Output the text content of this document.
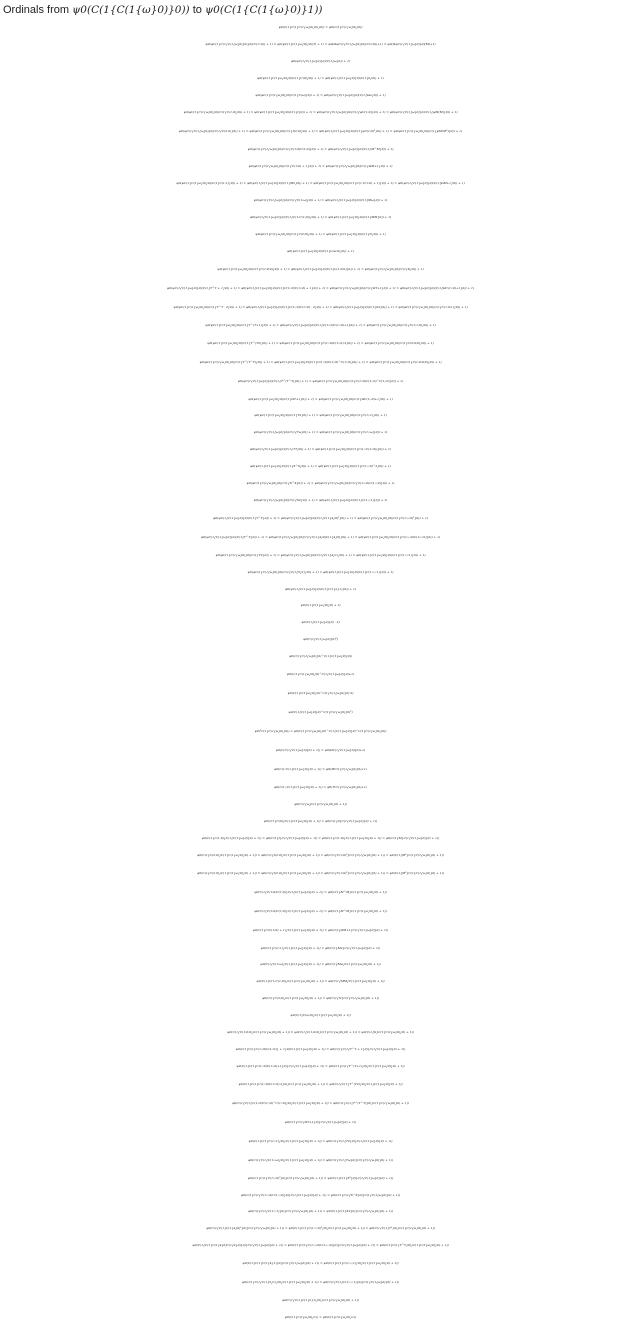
Ordinals from ψ0(C(1{C(1{ω}0)}0)) to ψ0(C(1{C(1{ω}0)}1))
ψ0(C(1{C(1{C(1{ω}0)}0)}0)) = ψ0(C(1{C(1{ω}0)}0))
ψ0(ψC(1{C(1{C(1{ω}0)}0)}0)(C(1;;0)) + 1) = ψ0(ψC(1{C(1{ω}0)}0)(T) + 1) = ψ0(ΩψC(1{C(1{ω}0)}0)(C(1;0))+1) = ψ0(ΩψC(1{C(1{ω}0)}0)(M)+1)
ψ0(ψC(1{C(1{ω}0)}0)(C(1{ω}0)) + 1)
ψ0(ψC(1{C(1{ω}0)}0)(C(1{C(0)}0)) + 1) = ψ0(ψC(1{C(1{ω}0)}0)(C(1{0}0)) + 1)
ψ0(ψC(1{C(1{ω}0)}0)(C(1{C(ω)}0)) + 1) = ψ0(ψC(1{C(1{ω}0)}0)(C(1{Ωω}0)) + 1)
ψ0(ψC(1{C(1{ω}0)}0)(C(1{C(1,0)}0)) + 1) = ψ0(ψC(1{C(1{ω}0)}0)(C(1{I}0)) + 1) = ψ0(ψC(1{C(1{ω}0)}0)(C(1{ψC(1;0)}0)) + 1) = ψ0(ψC(1{C(1{ω}0)}0)(C(1{ψM(M)}0)) + 1)
ψ0(ψC(1{C(1{ω}0)}0)(C(1{C(2,0)}0)) + 1) = ψ0(ψC(1{C(1{ω}0)}0)(C(1{I(2,0)}0)) + 1) = ψ0(ψC(1{C(1{ω}0)}0)(C(1{ψC(1;0)²}0)) + 1) = ψ0(ψC(1{C(1{ω}0)}0)(C(1{ψM(M²)}0)) + 1)
ψ0(ψC(1{C(1{ω}0)}0)(C(1{C(1;0)C(1;0)}0)) + 1) = ψ0(ψC(1{C(1{ω}0)}0)(C(1{M^M}0)) + 1)
ψ0(ψC(1{C(1{ω}0)}0)(C(1{C(1;0) + 1}0)) + 1) = ψ0(ψC(1{C(1{ω}0)}0)(C(1{ΩM+1}0)) + 1)
ψ0(ψC(1{C(1{ω}0)}0)(C(1{C(1;1)}0)) + 1) = ψ0(ψC(1{C(1{ω}0)}0)(C(1{M2}0)) + 1) = ψ0(ψC(1{C(1{ω}0)}0)(C(1{C(1,C(1;0) + 1)}0)) + 1) = ψ0(ψC(1{C(1{ω}0)}0)(C(1{ΩM+1}0)) + 1)
ψ0(ψC(1{C(1{ω}0)}0)(C(1{C(1;ω)}0)) + 1) = ψ0(ψC(1{C(1{ω}0)}0)(C(1{Mω}0)) + 1)
ψ0(ψC(1{C(1{ω}0)}0)(C(1{C(1;C(1;0))}0)) + 1) = ψ0(ψC(1{C(1{ω}0)}0)(C(1{MM}0)) + 1)
ψ0(ψC(1{C(1{ω}0)}0)(C(1{C(2;0)}0)) + 1) = ψ0(ψC(1{C(1{ω}0)}0)(C(1{N}0)) + 1)
ψ0(ψC(1{C(1{ω}0)}0)(C(1{C(ω;0)}0)) + 1)
ψ0(ψC(1{C(1{ω}0)}0)(C(1{C(1;0;0)}0)) + 1) = ψ0(ψC(1{C(1{ω}0)}0)(C(1{C(1,0;0)}0)) + 1) = ψ0(ψC(1{C(1{ω}0)}0)(C(1{K}0)) + 1)
ψ0(ψC(1{C(1{ω}0)}0)(C(1{T^T + 1}0)) + 1) = ψ0(ψC(1{C(1{ω}0)}0)(C(1{C(1;;0)C(1;;0) + 1}0)) + 1) = ψ0(ψC(1{C(1{ω}0)}0)(C(1{ΩT+1}0)) + 1) = ψ0(ψC(1{C(1{ω}0)}0)(C(1{ΩC(1;;0)+1}0)) + 1)
ψ0(ψC(1{C(1{ω}0)}0)(C(1{T^T · 2}0)) + 1) = ψ0(ψC(1{C(1{ω}0)}0)(C(1{C(1;;0)C(1;;0) · 2}0)) + 1) = ψ0(ψC(1{C(1{ω}0)}0)(C(1{K2}0)) + 1) = ψ0(ψC(1{C(1{ω}0)}0)(C(1{C(1,0;1)}0)) + 1)
ψ0(ψC(1{C(1{ω}0)}0)(C(1{T^(T+1)}0)) + 1) = ψ0(ψC(1{C(1{ω}0)}0)(C(1{C(1;;0)C(1;;0)+1}0)) + 1) = ψ0(ψC(1{C(1{ω}0)}0)(C(1{C(1;1;0)}0)) + 1)
ψ0(ψC(1{C(1{ω}0)}0)(C(1{T^(T2)}0)) + 1) = ψ0(ψC(1{C(1{ω}0)}0)(C(1{C(1;;0)C(1;;0)·2}0)) + 1) = ψ0(ψC(1{C(1{ω}0)}0)(C(1{C(2;0;0)}0)) + 1)
ψ0(ψC(1{C(1{ω}0)}0)(C(1{T^(T^T)}0)) + 1) = ψ0(ψC(1{C(1{ω}0)}0)(C(1{C(1;;0)C(1;;0)^C(1;;0)}0)) + 1) = ψ0(ψC(1{C(1{ω}0)}0)(C(1{C(1;0;0;0)}0)) + 1)
ψ0(ψC(1{C(1{ω}0)}0)(C(1{T^(T^T)}0)) + 1) = ψ0(ψC(1{C(1{ω}0)}0)(C(1{C(1;;0)C(1;;0)^C(1;;0)}0)) + 1)
ψ0(ψC(1{C(1{ω}0)}0)(C(1{ΩT+1}0)) + 1) = ψ0(ψC(1{C(1{ω}0)}0)(C(1{ΩC(1;;0)+1}0)) + 1)
ψ0(ψC(1{C(1{ω}0)}0)(C(1{T2}0)) + 1) = ψ0(ψC(1{C(1{ω}0)}0)(C(1{C(1;;1)}0)) + 1)
ψ0(ψC(1{C(1{ω}0)}0)(C(1{Tω}0)) + 1) = ψ0(ψC(1{C(1{ω}0)}0)(C(1{C(1;;ω)}0)) + 1)
ψ0(ψC(1{C(1{ω}0)}0)(C(1{TT}0)) + 1) = ψ0(ψC(1{C(1{ω}0)}0)(C(1{C(1;;C(1;;0))}0)) + 1)
ψ0(ψC(1{C(1{ω}0)}0)(C(1{X^X}0)) + 1) = ψ0(ψC(1{C(1{ω}0)}0)(C(1{C(1;;;0)^2}0)) + 1)
ψ0(ψC(1{C(1{ω}0)}0)(C(1{X^X}0)) + 1) = ψ0(ψC(1{C(1{ω}0)}0)(C(1{C(1;;;0)C(1;;;0)}0)) + 1)
ψ0(ψC(1{C(1{ω}0)}0)(C(1{X2}0)) + 1) = ψ0(ψC(1{C(1{ω}0)}0)(C(1{C(1;;;1)}0)) + 1)
ψ0(ψC(1{C(1{ω}0)}0)(C(1{Y^Y}0)) + 1) = ψ0(ψC(1{C(1{ω}0)}0)(C(1{C(1{4}0)²}0)) + 1) = ψ0(ψC(1{C(1{ω}0)}0)(C(1{C(1;;;;0)²}0)) + 1)
ψ0(ψC(1{C(1{ω}0)}0)(C(1{Y^Y}0)) + 1) = ψ0(ψC(1{C(1{ω}0)}0)(C(1{C(1{4}0)C(1{4}0)}0)) + 1) = ψ0(ψC(1{C(1{ω}0)}0)(C(1{C(1;;;;0)C(1;;;;0)}0)) + 1)
ψ0(ψC(1{C(1{ω}0)}0)(C(1{Y2}0)) + 1) = ψ0(ψC(1{C(1{ω}0)}0)(C(1{C(1{4}1)}0)) + 1) = ψ0(ψC(1{C(1{ω}0)}0)(C(1{C(1;;;;1)}0)) + 1)
ψ0(ψC(1{C(1{ω}0)}0)(C(1{C(1{5}1)}0)) + 1) = ψ0(ψC(1{C(1{ω}0)}0)(C(1{C(1;;;;;1)}0)) + 1)
ψ0(ψC(1{C(1{ω}0)}0)(C(1{C(1{n}1)}0)) + 1)
ψ0(C(1{C(1{ω}0)}0) + 1)
ψ0(C(1{C(1{ω}0)}0) · 2)
ψ0(C(1{C(1{ω}0)}0)²)
ψ0(C(1{C(1{ω}0)}0)^C(1{C(1{ω}0)}0))
ψ0(C(1{C(1{ω}0)}0)^C(1{C(1{ω}0)}0)+1)
ψ0(C(1{C(1{ω}0)}0)^C(1{C(1{ω}0)}0)·2)
ψ0(C(1{C(1{ω}0)}0)^C(1{C(1{ω}0)}0)²)
ψ0(²C(1{C(1{ω}0)}0)) = ψ0(C(1{C(1{ω}0)}0)^C(1{C(1{ω}0)}0)^C(1{C(1{ω}0)}0))
ψ0(C(C(1{C(1{ω}0)}0) + 1)) = ψ0(ΩC(1{C(1{ω}0)}0)+1)
ψ0(C(1;C(1{C(1{ω}0)}0) + 1)) = ψ0(MC(1{C(1{ω}0)}0)+1)
ψ0(C(1;;C(1{C(1{ω}0)}0) + 1)) = ψ0(TC(1{C(1{ω}0)}0)+1)
ψ0(C(1{ω}C(1{C(1{ω}0)}0) + 1))
ψ0(C(1{C(0)}C(1{C(1{ω}0)}0) + 1)) = ψ0(C(1{0}C(1{C(1{ω}0)}0) + 1))
ψ0(C(1{C(1,0)}C(1{C(1{ω}0)}0) + 1)) = ψ0(C(1{I}C(1{C(1{ω}0)}0) + 1)) = ψ0(C(1{C(1;0)}C(1{C(1{ω}0)}0) + 1)) = ψ0(C(1{M}C(1{C(1{ω}0)}0) + 1))
ψ0(C(1{C(2,0)}C(1{C(1{ω}0)}0) + 1)) = ψ0(C(1{I(2,0)}C(1{C(1{ω}0)}0) + 1)) = ψ0(C(1{C(1;0)²}C(1{C(1{ω}0)}0) + 1)) = ψ0(C(1{M²}C(1{C(1{ω}0)}0) + 1))
ψ0(C(1{C(2,0)}C(1{C(1{ω}0)}0) + 1)) = ψ0(C(1{I(2,0)}C(1{C(1{ω}0)}0) + 1)) = ψ0(C(1{C(1;0)²}C(1{C(1{ω}0)}0) + 1)) = ψ0(C(1{M²}C(1{C(1{ω}0)}0) + 1))
ψ0(C(1{C(1;0)C(1;0)}C(1{C(1{ω}0)}0) + 1)) = ψ0(C(1{M^M}C(1{C(1{ω}0)}0) + 1))
ψ0(C(1{C(1;0)C(1;0)}C(1{C(1{ω}0)}0) + 1)) = ψ0(C(1{M^M}C(1{C(1{ω}0)}0) + 1))
ψ0(C(1{C(C(1;0) + 1)}C(1{C(1{ω}0)}0) + 1)) = ψ0(C(1{ΩM+1}C(1{C(1{ω}0)}0) + 1))
ψ0(C(1{C(1;1)}C(1{C(1{ω}0)}0) + 1)) = ψ0(C(1{M2}C(1{C(1{ω}0)}0) + 1))
ψ0(C(1{C(1;ω)}C(1{C(1{ω}0)}0) + 1)) = ψ0(C(1{Mω}C(1{C(1{ω}0)}0) + 1))
ψ0(C(1{C(1;C(1;0))}C(1{C(1{ω}0)}0) + 1)) = ψ0(C(1{MM}C(1{C(1{ω}0)}0) + 1))
ψ0(C(1{C(2;0)}C(1{C(1{ω}0)}0) + 1)) = ψ0(C(1{N}C(1{C(1{ω}0)}0) + 1))
ψ0(C(1{C(ω;0)}C(1{C(1{ω}0)}0) + 1))
ψ0(C(1{C(1;0;0)}C(1{C(1{ω}0)}0) + 1)) = ψ0(C(1{C(1,0;0)}C(1{C(1{ω}0)}0) + 1)) = ψ0(C(1{K}C(1{C(1{ω}0)}0) + 1))
ψ0(C(1{C(1{C(1;;0)C(1;;0)} + 1}0)C(1{C(1{ω}0)}0) + 1)) = ψ0(C(1{C(1{T^T + 1}0)}C(1{C(1{ω}0)}0) + 1))
ψ0(C(1{C(1{C(1;;0)C(1;;0)+1}0)}C(1{C(1{ω}0)}0) + 1)) = ψ0(C(1{C(1{T^(T+1)}0)}C(1{C(1{ω}0)}0) + 1))
ψ0(C(1{C(1{C(1;;0)C(1;;0)·2}0)}C(1{C(1{ω}0)}0) + 1)) = ψ0(C(1{C(1{T^(T2)}0)}C(1{C(1{ω}0)}0) + 1))
ψ0(C(1{C(1{C(1;;0)C(1;;0)^C(1;;0)}0)}C(1{C(1{ω}0)}0) + 1)) = ψ0(C(1{C(1{T^(T^T)}0)}C(1{C(1{ω}0)}0) + 1))
ψ0(C(1{C(1{ΩT+1}0)}C(1{C(1{ω}0)}0) + 1))
ψ0(C(1{C(1{C(1;;1)}0)}C(1{C(1{ω}0)}0) + 1)) = ψ0(C(1{C(1{T2}0)}C(1{C(1{ω}0)}0) + 1))
ψ0(C(1{C(1{C(1;;ω)}0)}C(1{C(1{ω}0)}0) + 1)) = ψ0(C(1{C(1{Tω}0)}C(1{C(1{ω}0)}0) + 1))
ψ0(C(1{C(1{C(1;;;0)²}0)}C(1{C(1{ω}0)}0) + 1)) = ψ0(C(1{C(1{X²}0)}C(1{C(1{ω}0)}0) + 1))
ψ0(C(1{C(1{C(1;;;0)C(1;;;0)}0)}C(1{C(1{ω}0)}0) + 1)) = ψ0(C(1{C(1{X^X}0)}C(1{C(1{ω}0)}0) + 1))
ψ0(C(1{C(1{C(1;;;1)}0)}C(1{C(1{ω}0)}0) + 1)) = ψ0(C(1{C(1{X2}0)}C(1{C(1{ω}0)}0) + 1))
ψ0(C(1{C(1{C(1{4}0)²}0)}C(1{C(1{ω}0)}0) + 1)) = ψ0(C(1{C(1{C(1;;;;0)²}0)}C(1{C(1{ω}0)}0) + 1)) = ψ0(C(1{C(1{Y²}0)}C(1{C(1{ω}0)}0) + 1))
ψ0(C(1{C(1{C(1{4}0)C(1{4}0)}0)}C(1{C(1{ω}0)}0) + 1)) = ψ0(C(1{C(1{C(1;;;;0)C(1;;;;0)}0)}C(1{C(1{ω}0)}0) + 1)) = ψ0(C(1{C(1{Y^Y}0)}C(1{C(1{ω}0)}0) + 1))
ψ0(C(1{C(1{C(1{4}1)}0)}C(1{C(1{ω}0)}0) + 1)) = ψ0(C(1{C(1{C(1;;;;1)}0)}C(1{C(1{ω}0)}0) + 1))
ψ0(C(1{C(1{C(1{5}1)}0)}C(1{C(1{ω}0)}0) + 1)) = ψ0(C(1{C(1{C(1;;;;;1)}0)}C(1{C(1{ω}0)}0) + 1))
ψ0(C(1{C(1{C(1{n}1)}0)}C(1{C(1{ω}0)}0) + 1))
ψ0(C(1{C(1{ω}0)}1)) = ψ0(C(1{C(1{ω}0)}1))
